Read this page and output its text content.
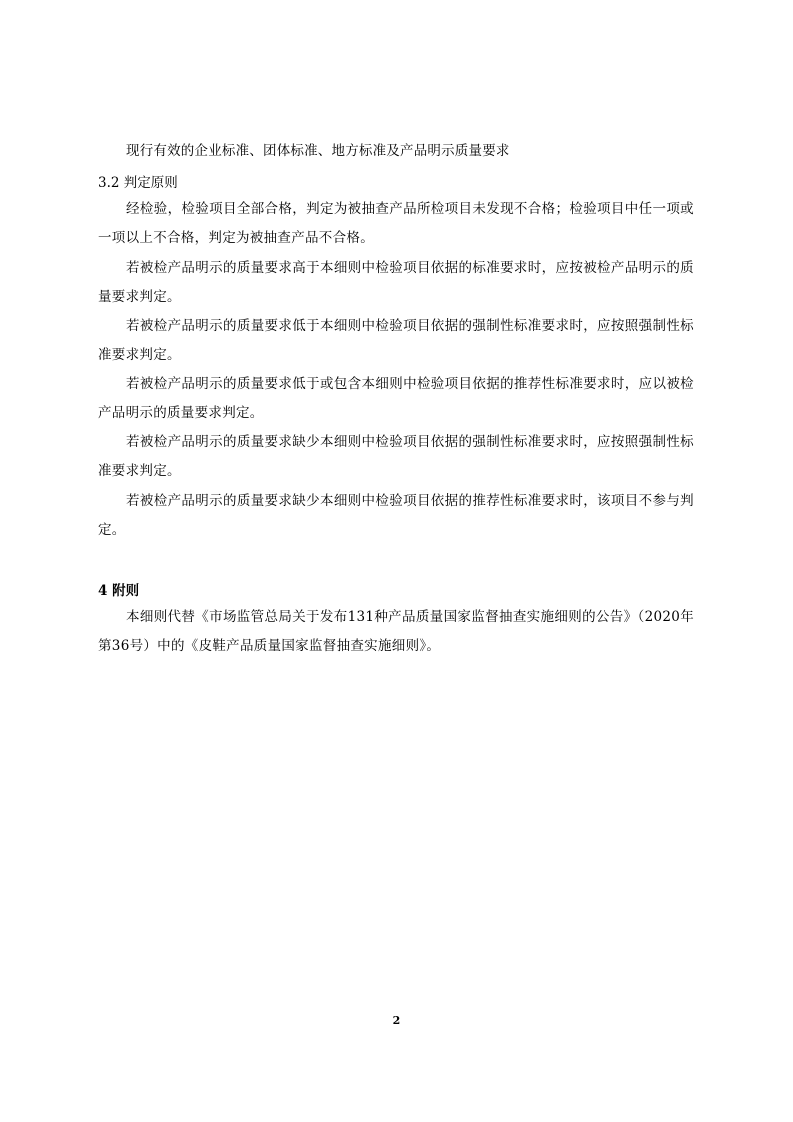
现行有效的企业标准、团体标准、地方标准及产品明示质量要求
3.2 判定原则
经检验，检验项目全部合格，判定为被抽查产品所检项目未发现不合格；检验项目中任一项或一项以上不合格，判定为被抽查产品不合格。
若被检产品明示的质量要求高于本细则中检验项目依据的标准要求时，应按被检产品明示的质量要求判定。
若被检产品明示的质量要求低于本细则中检验项目依据的强制性标准要求时，应按照强制性标准要求判定。
若被检产品明示的质量要求低于或包含本细则中检验项目依据的推荐性标准要求时，应以被检产品明示的质量要求判定。
若被检产品明示的质量要求缺少本细则中检验项目依据的强制性标准要求时，应按照强制性标准要求判定。
若被检产品明示的质量要求缺少本细则中检验项目依据的推荐性标准要求时，该项目不参与判定。
4 附则
本细则代替《市场监管总局关于发布131种产品质量国家监督抽查实施细则的公告》（2020年第36号）中的《皮鞋产品质量国家监督抽查实施细则》。
2
